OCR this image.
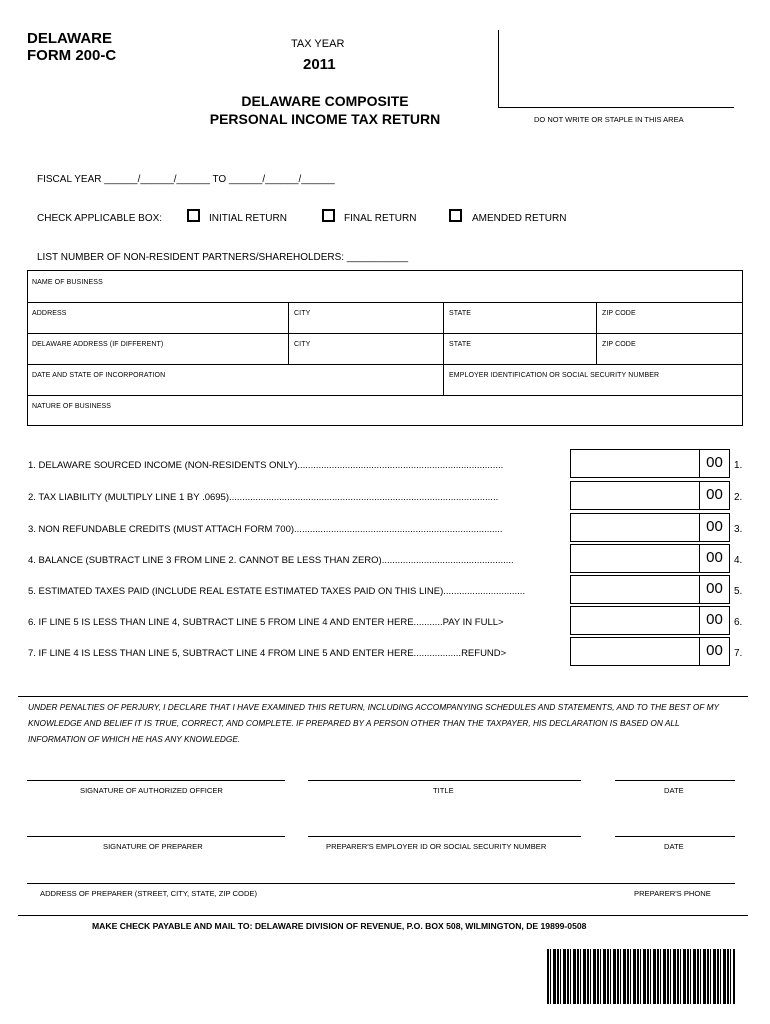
DELAWARE
FORM 200-C
TAX YEAR
2011
DELAWARE COMPOSITE
PERSONAL INCOME TAX RETURN	DO NOT WRITE OR STAPLE IN THIS AREA
FISCAL YEAR ______/______/______ TO ______/______/______
CHECK APPLICABLE BOX:	INITIAL RETURN	FINAL RETURN	AMENDED RETURN
LIST NUMBER OF NON-RESIDENT PARTNERS/SHAREHOLDERS: ___________
NAME OF BUSINESS
ADDRESS	CITY	STATE	ZIP CODE
DELAWARE ADDRESS (IF DIFFERENT)	CITY	STATE	ZIP CODE
DATE AND STATE OF INCORPORATION	EMPLOYER IDENTIFICATION OR SOCIAL SECURITY NUMBER
NATURE OF BUSINESS
1. DELAWARE SOURCED INCOME (NON-RESIDENTS ONLY)..............................................................................	00	1.
2. TAX LIABILITY (MULTIPLY LINE 1 BY .0695)......................................................................................................	00	2.
3. NON REFUNDABLE CREDITS (MUST ATTACH FORM 700)...............................................................................	00	3.
4. BALANCE (SUBTRACT LINE 3 FROM LINE 2. CANNOT BE LESS THAN ZERO)..................................................	00	4.
5. ESTIMATED TAXES PAID (INCLUDE REAL ESTATE ESTIMATED TAXES PAID ON THIS LINE)...............................	00	5.
6. IF LINE 5 IS LESS THAN LINE 4, SUBTRACT LINE 5 FROM LINE 4 AND ENTER HERE...........PAY IN FULL>	00	6.
7. IF LINE 4 IS LESS THAN LINE 5, SUBTRACT LINE 4 FROM LINE 5 AND ENTER HERE..................REFUND>	00	7.
UNDER PENALTIES OF PERJURY, I DECLARE THAT I HAVE EXAMINED THIS RETURN, INCLUDING ACCOMPANYING SCHEDULES AND STATEMENTS, AND TO THE BEST OF MY KNOWLEDGE AND BELIEF IT IS TRUE, CORRECT, AND COMPLETE. IF PREPARED BY A PERSON OTHER THAN THE TAXPAYER, HIS DECLARATION IS BASED ON ALL INFORMATION OF WHICH HE HAS ANY KNOWLEDGE.
SIGNATURE OF AUTHORIZED OFFICER	TITLE	DATE
SIGNATURE OF PREPARER	PREPARER'S EMPLOYER ID OR SOCIAL SECURITY NUMBER	DATE
ADDRESS OF PREPARER (STREET, CITY, STATE, ZIP CODE)	PREPARER'S PHONE
MAKE CHECK PAYABLE AND MAIL TO: DELAWARE DIVISION OF REVENUE, P.O. BOX 508, WILMINGTON, DE 19899-0508
